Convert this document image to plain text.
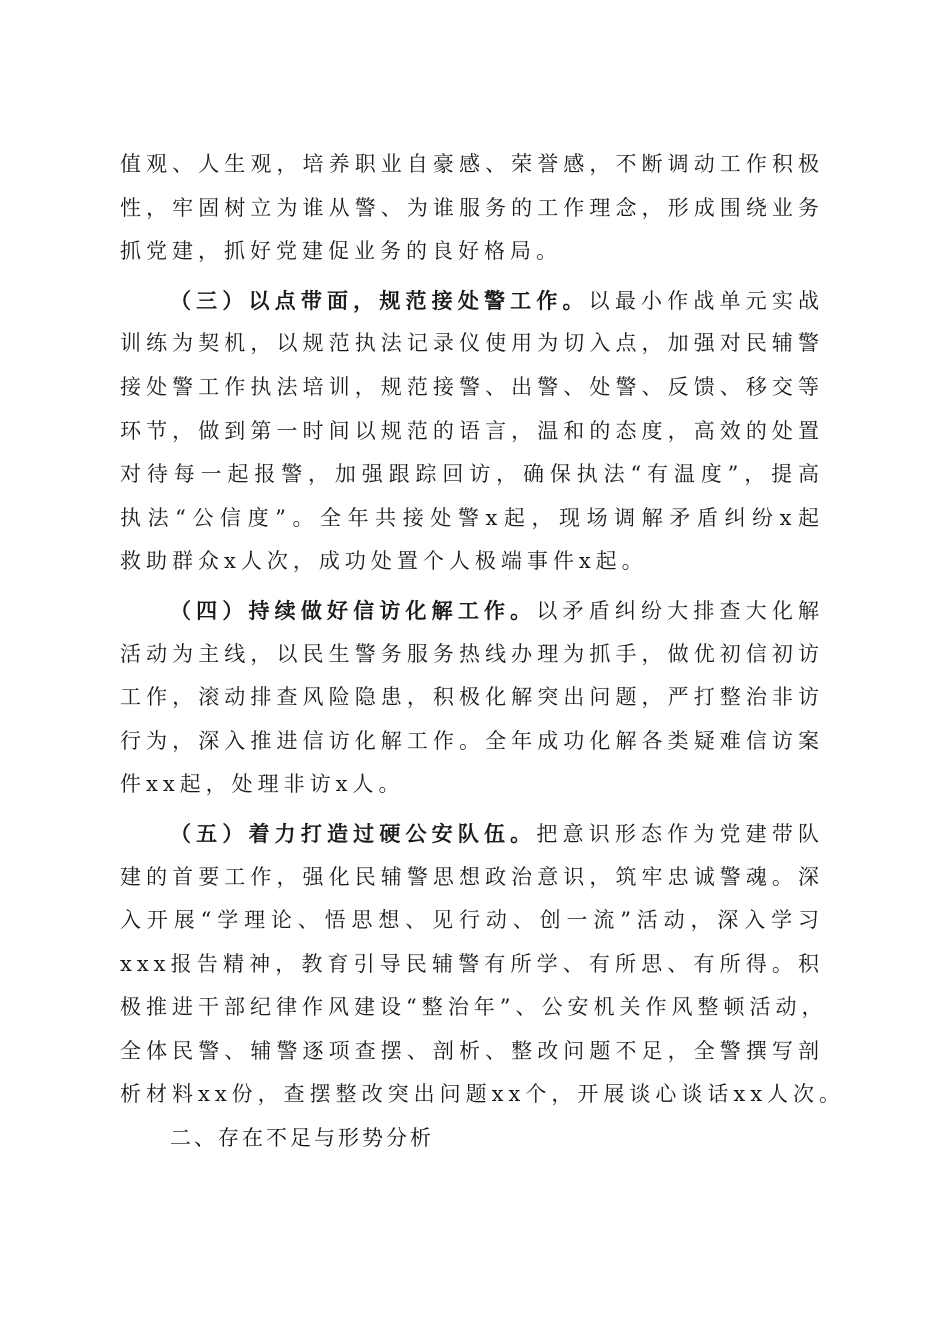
值观、人生观，培养职业自豪感、荣誉感，不断调动工作积极
性，牢固树立为谁从警、为谁服务的工作理念，形成围绕业务
抓党建，抓好党建促业务的良好格局。
（三）以点带面，规范接处警工作。以最小作战单元实战
训练为契机，以规范执法记录仪使用为切入点，加强对民辅警
接处警工作执法培训，规范接警、出警、处警、反馈、移交等
环节，做到第一时间以规范的语言，温和的态度，高效的处置
对待每一起报警，加强跟踪回访，确保执法“有温度”，提高
执法“公信度”。全年共接处警x起，现场调解矛盾纠纷x起
救助群众x人次，成功处置个人极端事件x起。
（四）持续做好信访化解工作。以矛盾纠纷大排查大化解
活动为主线，以民生警务服务热线办理为抓手，做优初信初访
工作，滚动排查风险隐患，积极化解突出问题，严打整治非访
行为，深入推进信访化解工作。全年成功化解各类疑难信访案
件xx起，处理非访x人。
（五）着力打造过硬公安队伍。把意识形态作为党建带队
建的首要工作，强化民辅警思想政治意识，筑牢忠诚警魂。深
入开展“学理论、悟思想、见行动、创一流”活动，深入学习
xxx报告精神，教育引导民辅警有所学、有所思、有所得。积
极推进干部纪律作风建设“整治年”、公安机关作风整顿活动，
全体民警、辅警逐项查摆、剖析、整改问题不足，全警撰写剖
析材料xx份，查摆整改突出问题xx个，开展谈心谈话xx人次。
二、存在不足与形势分析
